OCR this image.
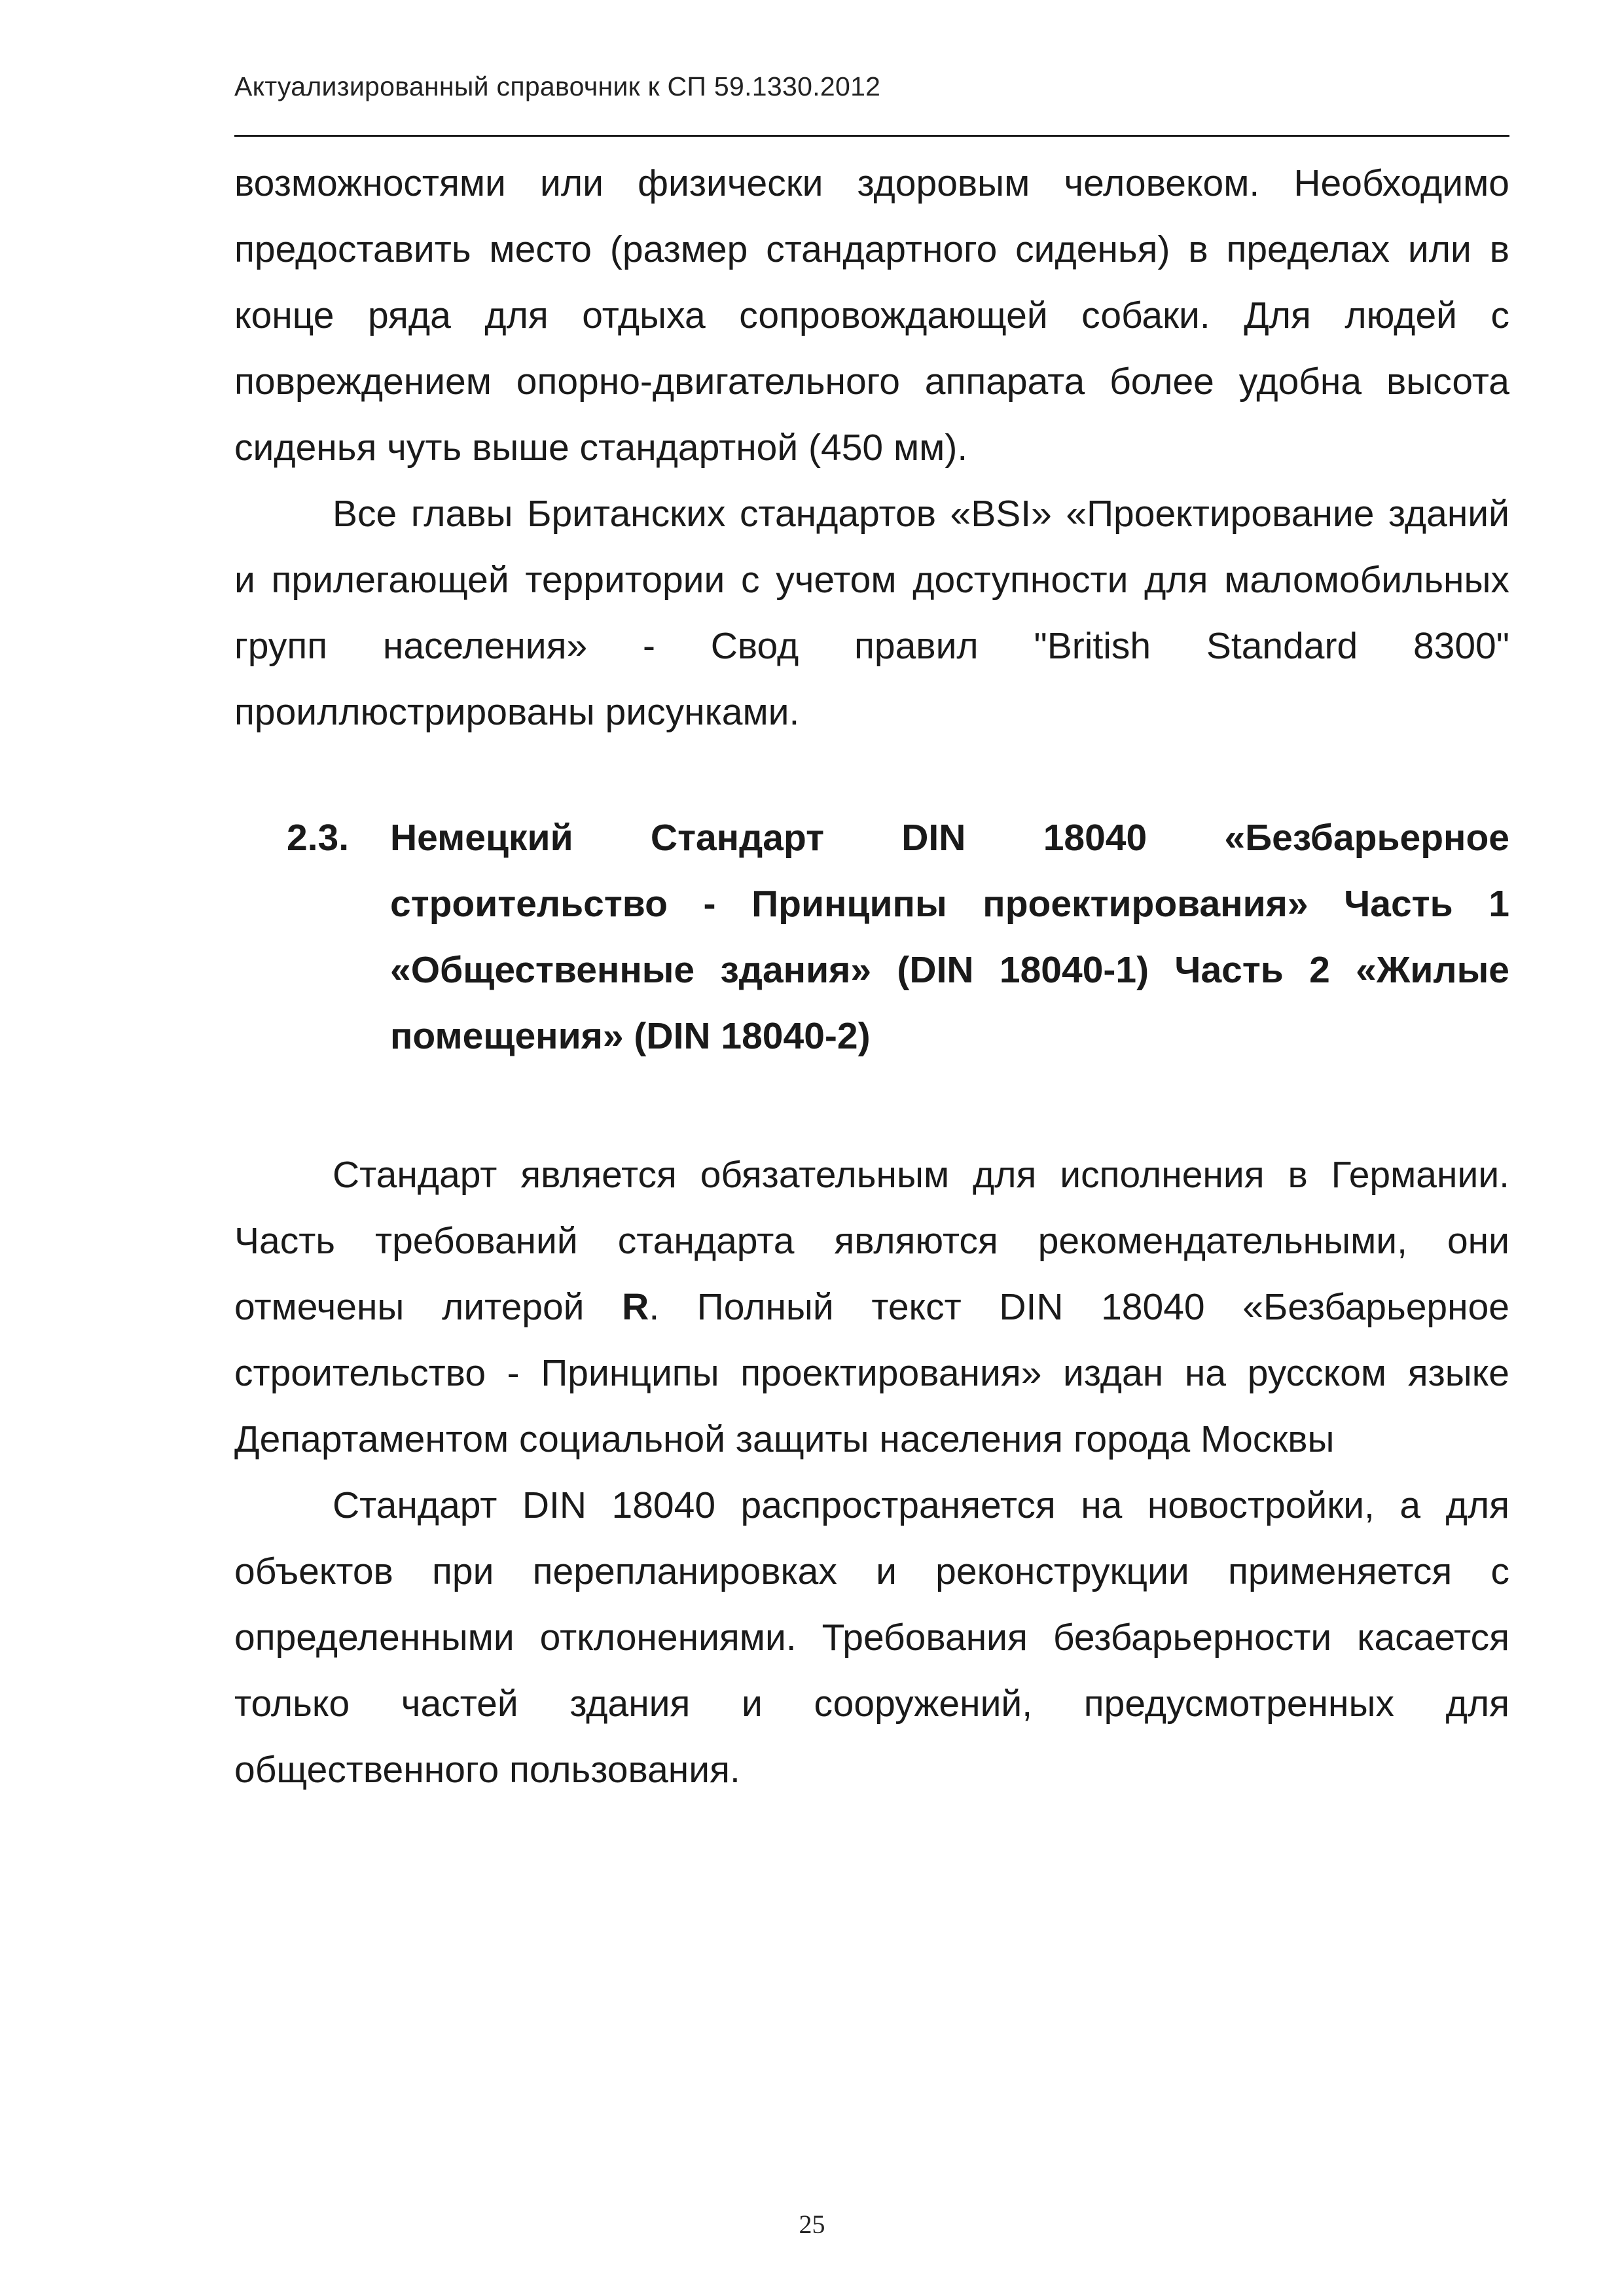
Актуализированный справочник к СП 59.1330.2012

возможностями или физически здоровым человеком. Необходимо предоставить место (размер стандартного сиденья) в пределах или в конце ряда для отдыха сопровождающей собаки. Для людей с повреждением опорно-двигательного аппарата более удобна высота сиденья чуть выше стандартной (450 мм).

Все главы Британских стандартов «BSI» «Проектирование зданий и прилегающей территории с учетом доступности для маломобильных групп населения» - Свод правил "British Standard 8300" проиллюстрированы рисунками.

2.3.	Немецкий Стандарт DIN 18040 «Безбарьерное строительство - Принципы проектирования» Часть 1 «Общественные здания» (DIN 18040-1) Часть 2 «Жилые помещения» (DIN 18040-2)

Стандарт является обязательным для исполнения в Германии. Часть требований стандарта являются рекомендательными, они отмечены литерой R. Полный текст DIN 18040 «Безбарьерное строительство - Принципы проектирования» издан на русском языке Департаментом социальной защиты населения города Москвы

Стандарт DIN 18040 распространяется на новостройки, а для объектов при перепланировках и реконструкции применяется с определенными отклонениями. Требования безбарьерности касается только частей здания и сооружений, предусмотренных для общественного пользования.

25
